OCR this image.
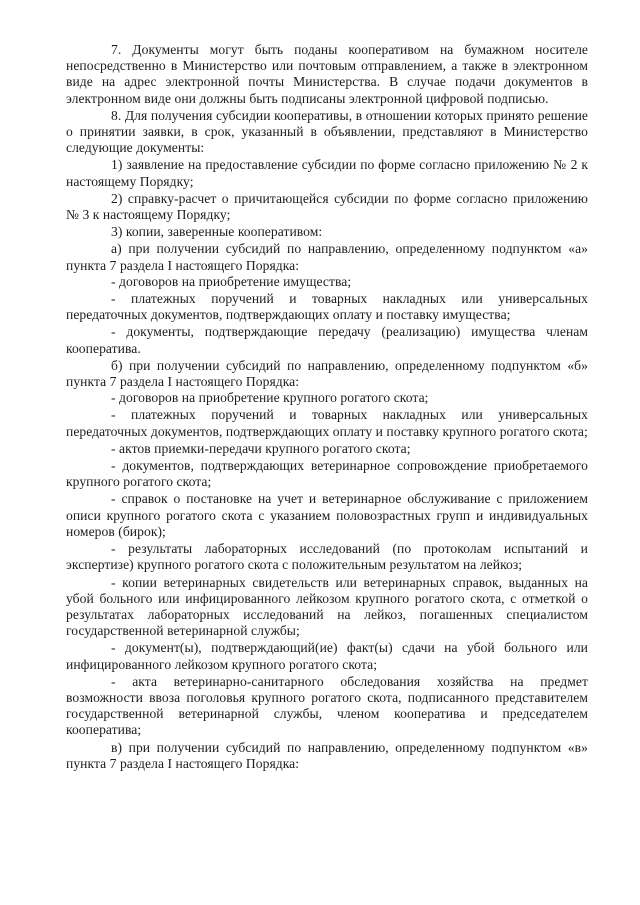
7. Документы могут быть поданы кооперативом на бумажном носителе непосредственно в Министерство или почтовым отправлением, а также в электронном виде на адрес электронной почты Министерства. В случае подачи документов в электронном виде они должны быть подписаны электронной цифровой подписью.

8. Для получения субсидии кооперативы, в отношении которых принято решение о принятии заявки, в срок, указанный в объявлении, представляют в Министерство следующие документы:

1) заявление на предоставление субсидии по форме согласно приложению № 2 к настоящему Порядку;

2) справку-расчет о причитающейся субсидии по форме согласно приложению № 3 к настоящему Порядку;

3) копии, заверенные кооперативом:

а) при получении субсидий по направлению, определенному подпунктом «а» пункта 7 раздела I настоящего Порядка:

- договоров на приобретение имущества;

- платежных поручений и товарных накладных или универсальных передаточных документов, подтверждающих оплату и поставку имущества;

- документы, подтверждающие передачу (реализацию) имущества членам кооператива.

б) при получении субсидий по направлению, определенному подпунктом «б» пункта 7 раздела I настоящего Порядка:

- договоров на приобретение крупного рогатого скота;

- платежных поручений и товарных накладных или универсальных передаточных документов, подтверждающих оплату и поставку крупного рогатого скота;

- актов приемки-передачи крупного рогатого скота;

- документов, подтверждающих ветеринарное сопровождение приобретаемого крупного рогатого скота;

- справок о постановке на учет и ветеринарное обслуживание с приложением описи крупного рогатого скота с указанием половозрастных групп и индивидуальных номеров (бирок);

- результаты лабораторных исследований (по протоколам испытаний и экспертизе) крупного рогатого скота с положительным результатом на лейкоз;

- копии ветеринарных свидетельств или ветеринарных справок, выданных на убой больного или инфицированного лейкозом крупного рогатого скота, с отметкой о результатах лабораторных исследований на лейкоз, погашенных специалистом государственной ветеринарной службы;

- документ(ы), подтверждающий(ие) факт(ы) сдачи на убой больного или инфицированного лейкозом крупного рогатого скота;

- акта ветеринарно-санитарного обследования хозяйства на предмет возможности ввоза поголовья крупного рогатого скота, подписанного представителем государственной ветеринарной службы, членом кооператива и председателем кооператива;

в) при получении субсидий по направлению, определенному подпунктом «в» пункта 7 раздела I настоящего Порядка:
